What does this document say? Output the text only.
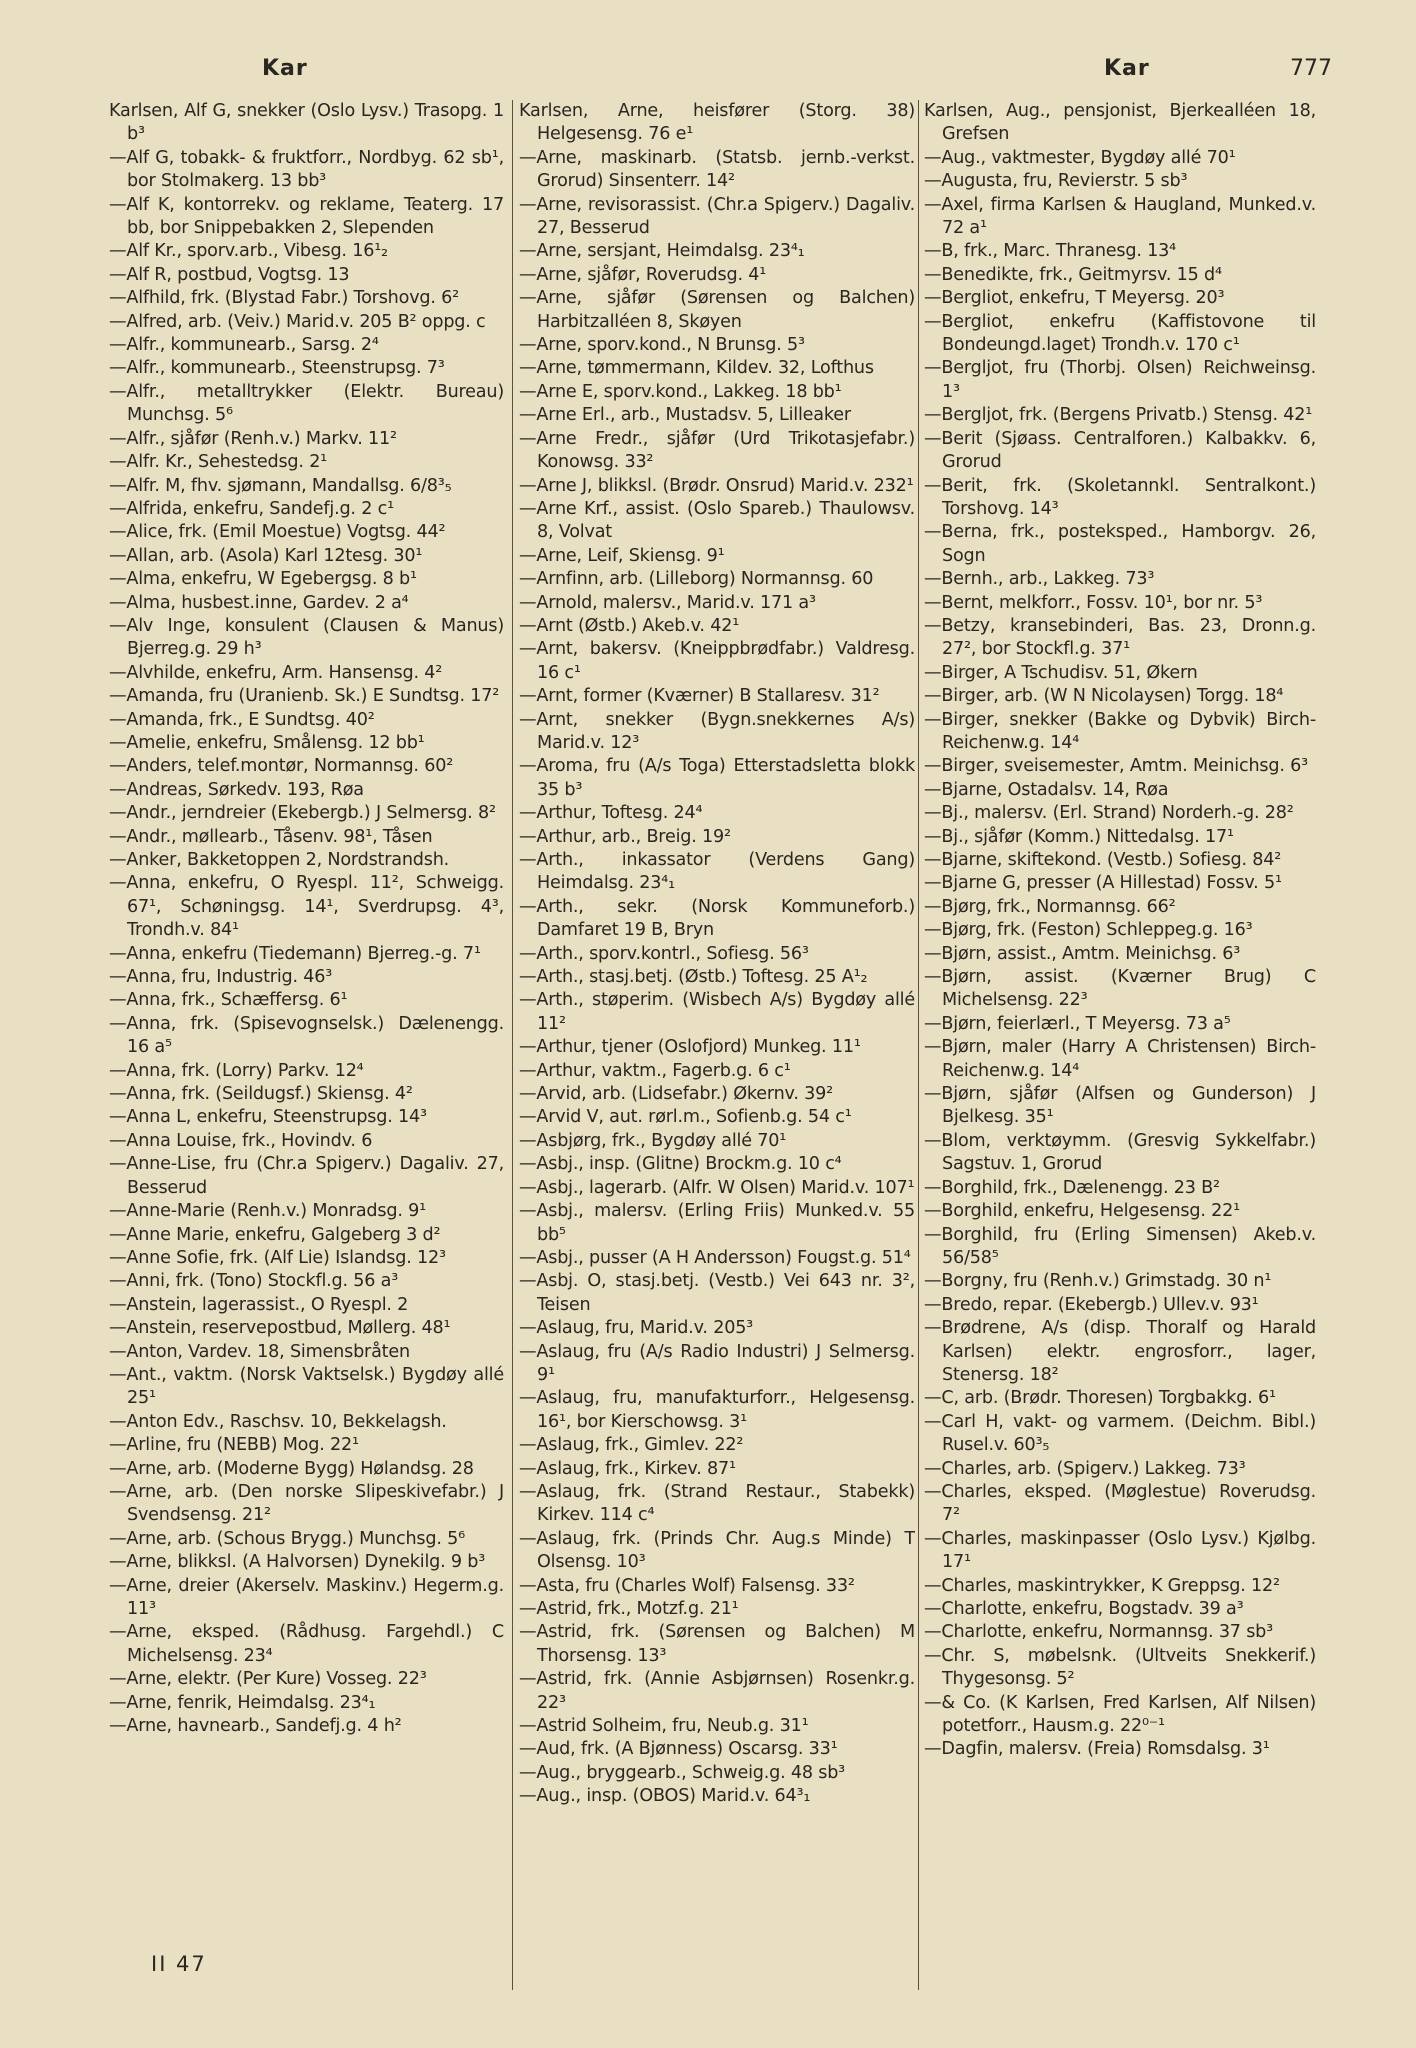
Kar	Kar	777
Karlsen, Alf G, snekker (Oslo Lysv.) Trasopg. 1 b³
—Alf G, tobakk- & fruktforr., Nordbyg. 62 sb¹, bor Stolmakerg. 13 bb³
—Alf K, kontorrekv. og reklame, Teaterg. 17 bb, bor Snippebakken 2, Slependen
—Alf Kr., sporv.arb., Vibesg. 16¹₂
—Alf R, postbud, Vogtsg. 13
—Alfhild, frk. (Blystad Fabr.) Torshovg. 6²
—Alfred, arb. (Veiv.) Marid.v. 205 B² oppg. c
—Alfr., kommunearb., Sarsg. 2⁴
—Alfr., kommunearb., Steenstrupsg. 7³
—Alfr., metalltrykker (Elektr. Bureau) Munchsg. 5⁶
—Alfr., sjåfør (Renh.v.) Markv. 11²
—Alfr. Kr., Sehestedsg. 2¹
—Alfr. M, fhv. sjømann, Mandallsg. 6/8³₅
—Alfrida, enkefru, Sandefj.g. 2 c¹
—Alice, frk. (Emil Moestue) Vogtsg. 44²
—Allan, arb. (Asola) Karl 12tesg. 30¹
—Alma, enkefru, W Egebergsg. 8 b¹
—Alma, husbest.inne, Gardev. 2 a⁴
—Alv Inge, konsulent (Clausen & Manus) Bjerreg.g. 29 h³
—Alvhilde, enkefru, Arm. Hansensg. 4²
—Amanda, fru (Uranienb. Sk.) E Sundtsg. 17²
—Amanda, frk., E Sundtsg. 40²
—Amelie, enkefru, Smålensg. 12 bb¹
—Anders, telef.montør, Normannsg. 60²
—Andreas, Sørkedv. 193, Røa
—Andr., jerndreier (Ekebergb.) J Selmersg. 8²
—Andr., møllearb., Tåsenv. 98¹, Tåsen
—Anker, Bakketoppen 2, Nordstrandsh.
—Anna, enkefru, O Ryespl. 11², Schweigg. 67¹, Schøningsg. 14¹, Sverdrupsg. 4³, Trondh.v. 84¹
—Anna, enkefru (Tiedemann) Bjerreg.-g. 7¹
—Anna, fru, Industrig. 46³
—Anna, frk., Schæffersg. 6¹
—Anna, frk. (Spisevognselsk.) Dælenengg. 16 a⁵
—Anna, frk. (Lorry) Parkv. 12⁴
—Anna, frk. (Seildugsf.) Skiensg. 4²
—Anna L, enkefru, Steenstrupsg. 14³
—Anna Louise, frk., Hovindv. 6
—Anne-Lise, fru (Chr.a Spigerv.) Dagaliv. 27, Besserud
—Anne-Marie (Renh.v.) Monradsg. 9¹
—Anne Marie, enkefru, Galgeberg 3 d²
—Anne Sofie, frk. (Alf Lie) Islandsg. 12³
—Anni, frk. (Tono) Stockfl.g. 56 a³
—Anstein, lagerassist., O Ryespl. 2
—Anstein, reservepostbud, Møllerg. 48¹
—Anton, Vardev. 18, Simensbråten
—Ant., vaktm. (Norsk Vaktselsk.) Bygdøy allé 25¹
—Anton Edv., Raschsv. 10, Bekkelagsh.
—Arline, fru (NEBB) Mog. 22¹
—Arne, arb. (Moderne Bygg) Hølandsg. 28
—Arne, arb. (Den norske Slipeskivefabr.) J Svendsensg. 21²
—Arne, arb. (Schous Brygg.) Munchsg. 5⁶
—Arne, blikksl. (A Halvorsen) Dynekilg. 9 b³
—Arne, dreier (Akerselv. Maskinv.) Hegerm.g. 11³
—Arne, eksped. (Rådhusg. Fargehdl.) C Michelsensg. 23⁴
—Arne, elektr. (Per Kure) Vosseg. 22³
—Arne, fenrik, Heimdalsg. 23⁴₁
—Arne, havnearb., Sandefj.g. 4 h²
Karlsen, Arne, heisfører (Storg. 38) Helgesensg. 76 e¹
—Arne, maskinarb. (Statsb. jernb.-verkst. Grorud) Sinsenterr. 14²
—Arne, revisorassist. (Chr.a Spigerv.) Dagaliv. 27, Besserud
—Arne, sersjant, Heimdalsg. 23⁴₁
—Arne, sjåfør, Roverudsg. 4¹
—Arne, sjåfør (Sørensen og Balchen) Harbitzalléen 8, Skøyen
—Arne, sporv.kond., N Brunsg. 5³
—Arne, tømmermann, Kildev. 32, Lofthus
—Arne E, sporv.kond., Lakkeg. 18 bb¹
—Arne Erl., arb., Mustadsv. 5, Lilleaker
—Arne Fredr., sjåfør (Urd Trikotasjefabr.) Konowsg. 33²
—Arne J, blikksl. (Brødr. Onsrud) Marid.v. 232¹
—Arne Krf., assist. (Oslo Spareb.) Thaulowsv. 8, Volvat
—Arne, Leif, Skiensg. 9¹
—Arnfinn, arb. (Lilleborg) Normannsg. 60
—Arnold, malersv., Marid.v. 171 a³
—Arnt (Østb.) Akeb.v. 42¹
—Arnt, bakersv. (Kneippbrødfabr.) Valdresg. 16 c¹
—Arnt, former (Kværner) B Stallaresv. 31²
—Arnt, snekker (Bygn.snekkernes A/s) Marid.v. 12³
—Aroma, fru (A/s Toga) Etterstadsletta blokk 35 b³
—Arthur, Toftesg. 24⁴
—Arthur, arb., Breig. 19²
—Arth., inkassator (Verdens Gang) Heimdalsg. 23⁴₁
—Arth., sekr. (Norsk Kommuneforb.) Damfaret 19 B, Bryn
—Arth., sporv.kontrl., Sofiesg. 56³
—Arth., stasj.betj. (Østb.) Toftesg. 25 A¹₂
—Arth., støperim. (Wisbech A/s) Bygdøy allé 11²
—Arthur, tjener (Oslofjord) Munkeg. 11¹
—Arthur, vaktm., Fagerb.g. 6 c¹
—Arvid, arb. (Lidsefabr.) Økernv. 39²
—Arvid V, aut. rørl.m., Sofienb.g. 54 c¹
—Asbjørg, frk., Bygdøy allé 70¹
—Asbj., insp. (Glitne) Brockm.g. 10 c⁴
—Asbj., lagerarb. (Alfr. W Olsen) Marid.v. 107¹
—Asbj., malersv. (Erling Friis) Munked.v. 55 bb⁵
—Asbj., pusser (A H Andersson) Fougst.g. 51⁴
—Asbj. O, stasj.betj. (Vestb.) Vei 643 nr. 3², Teisen
—Aslaug, fru, Marid.v. 205³
—Aslaug, fru (A/s Radio Industri) J Selmersg. 9¹
—Aslaug, fru, manufakturforr., Helgesensg. 16¹, bor Kierschowsg. 3¹
—Aslaug, frk., Gimlev. 22²
—Aslaug, frk., Kirkev. 87¹
—Aslaug, frk. (Strand Restaur., Stabekk) Kirkev. 114 c⁴
—Aslaug, frk. (Prinds Chr. Aug.s Minde) T Olsensg. 10³
—Asta, fru (Charles Wolf) Falsensg. 33²
—Astrid, frk., Motzf.g. 21¹
—Astrid, frk. (Sørensen og Balchen) M Thorsensg. 13³
—Astrid, frk. (Annie Asbjørnsen) Rosenkr.g. 22³
—Astrid Solheim, fru, Neub.g. 31¹
—Aud, frk. (A Bjønness) Oscarsg. 33¹
—Aug., bryggearb., Schweig.g. 48 sb³
—Aug., insp. (OBOS) Marid.v. 64³₁
Karlsen, Aug., pensjonist, Bjerkealléen 18, Grefsen
—Aug., vaktmester, Bygdøy allé 70¹
—Augusta, fru, Revierstr. 5 sb³
—Axel, firma Karlsen & Haugland, Munked.v. 72 a¹
—B, frk., Marc. Thranesg. 13⁴
—Benedikte, frk., Geitmyrsv. 15 d⁴
—Bergliot, enkefru, T Meyersg. 20³
—Bergliot, enkefru (Kaffistovone til Bondeungd.laget) Trondh.v. 170 c¹
—Bergljot, fru (Thorbj. Olsen) Reichweinsg. 1³
—Bergljot, frk. (Bergens Privatb.) Stensg. 42¹
—Berit (Sjøass. Centralforen.) Kalbakkv. 6, Grorud
—Berit, frk. (Skoletannkl. Sentralkont.) Torshovg. 14³
—Berna, frk., posteksped., Hamborgv. 26, Sogn
—Bernh., arb., Lakkeg. 73³
—Bernt, melkforr., Fossv. 10¹, bor nr. 5³
—Betzy, kransebinderi, Bas. 23, Dronn.g. 27², bor Stockfl.g. 37¹
—Birger, A Tschudisv. 51, Økern
—Birger, arb. (W N Nicolaysen) Torgg. 18⁴
—Birger, snekker (Bakke og Dybvik) Birch-Reichenw.g. 14⁴
—Birger, sveisemester, Amtm. Meinichsg. 6³
—Bjarne, Ostadalsv. 14, Røa
—Bj., malersv. (Erl. Strand) Norderh.-g. 28²
—Bj., sjåfør (Komm.) Nittedalsg. 17¹
—Bjarne, skiftekond. (Vestb.) Sofiesg. 84²
—Bjarne G, presser (A Hillestad) Fossv. 5¹
—Bjørg, frk., Normannsg. 66²
—Bjørg, frk. (Feston) Schleppeg.g. 16³
—Bjørn, assist., Amtm. Meinichsg. 6³
—Bjørn, assist. (Kværner Brug) C Michelsensg. 22³
—Bjørn, feierlærl., T Meyersg. 73 a⁵
—Bjørn, maler (Harry A Christensen) Birch-Reichenw.g. 14⁴
—Bjørn, sjåfør (Alfsen og Gunderson) J Bjelkesg. 35¹
—Blom, verktøymm. (Gresvig Sykkelfabr.) Sagstuv. 1, Grorud
—Borghild, frk., Dælenengg. 23 B²
—Borghild, enkefru, Helgesensg. 22¹
—Borghild, fru (Erling Simensen) Akeb.v. 56/58⁵
—Borgny, fru (Renh.v.) Grimstadg. 30 n¹
—Bredo, repar. (Ekebergb.) Ullev.v. 93¹
—Brødrene, A/s (disp. Thoralf og Harald Karlsen) elektr. engrosforr., lager, Stenersg. 18²
—C, arb. (Brødr. Thoresen) Torgbakkg. 6¹
—Carl H, vakt- og varmem. (Deichm. Bibl.) Rusel.v. 60³₅
—Charles, arb. (Spigerv.) Lakkeg. 73³
—Charles, eksped. (Møglestue) Roverudsg. 7²
—Charles, maskinpasser (Oslo Lysv.) Kjølbg. 17¹
—Charles, maskintrykker, K Greppsg. 12²
—Charlotte, enkefru, Bogstadv. 39 a³
—Charlotte, enkefru, Normannsg. 37 sb³
—Chr. S, møbelsnk. (Ultveits Snekkerif.) Thygesonsg. 5²
—& Co. (K Karlsen, Fred Karlsen, Alf Nilsen) potetforr., Hausm.g. 22⁰⁻¹
—Dagfin, malersv. (Freia) Romsdalsg. 3¹
II 47
